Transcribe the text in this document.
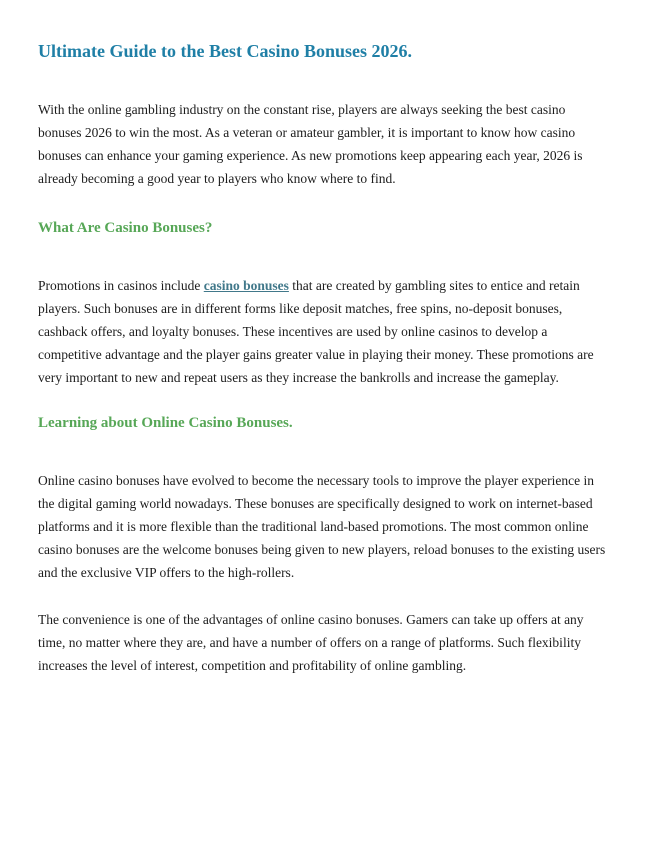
Ultimate Guide to the Best Casino Bonuses 2026.

With the online gambling industry on the constant rise, players are always seeking the best casino bonuses 2026 to win the most. As a veteran or amateur gambler, it is important to know how casino bonuses can enhance your gaming experience. As new promotions keep appearing each year, 2026 is already becoming a good year to players who know where to find.

What Are Casino Bonuses?

Promotions in casinos include casino bonuses that are created by gambling sites to entice and retain players. Such bonuses are in different forms like deposit matches, free spins, no-deposit bonuses, cashback offers, and loyalty bonuses. These incentives are used by online casinos to develop a competitive advantage and the player gains greater value in playing their money. These promotions are very important to new and repeat users as they increase the bankrolls and increase the gameplay.

Learning about Online Casino Bonuses.

Online casino bonuses have evolved to become the necessary tools to improve the player experience in the digital gaming world nowadays. These bonuses are specifically designed to work on internet-based platforms and it is more flexible than the traditional land-based promotions. The most common online casino bonuses are the welcome bonuses being given to new players, reload bonuses to the existing users and the exclusive VIP offers to the high-rollers.

The convenience is one of the advantages of online casino bonuses. Gamers can take up offers at any time, no matter where they are, and have a number of offers on a range of platforms. Such flexibility increases the level of interest, competition and profitability of online gambling.
